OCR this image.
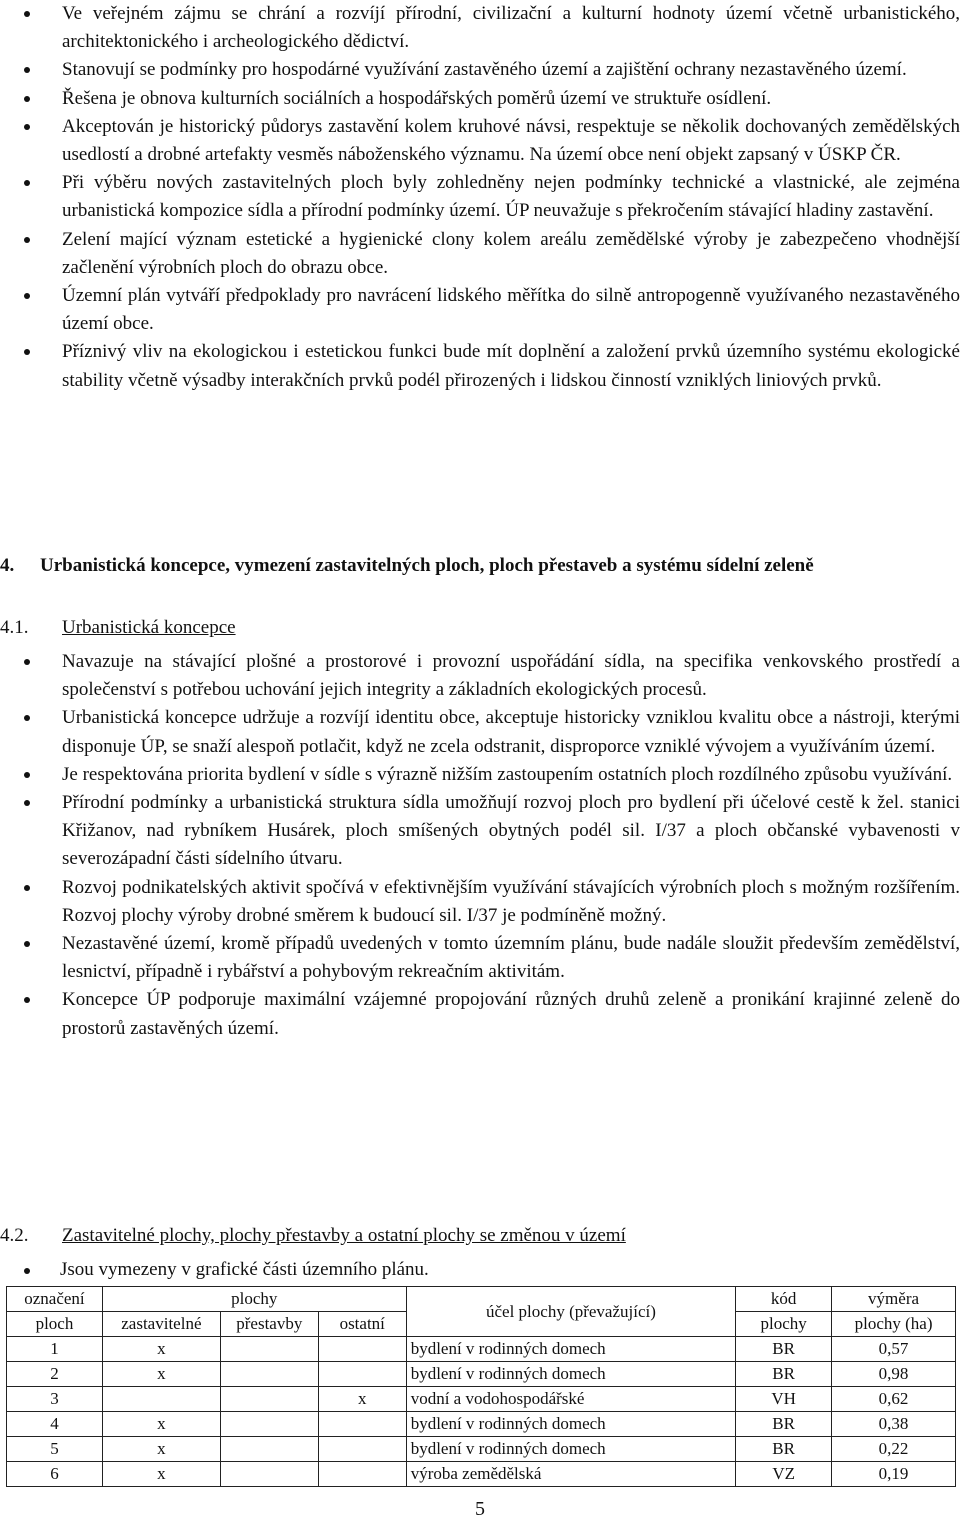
Ve veřejném zájmu se chrání a rozvíjí přírodní, civilizační a kulturní hodnoty území včetně urbanistického, architektonického i archeologického dědictví.
Stanovují se podmínky pro hospodárné využívání zastavěného území a zajištění ochrany nezastavěného území.
Řešena je obnova kulturních sociálních a hospodářských poměrů území ve struktuře osídlení.
Akceptován je historický půdorys zastavění kolem kruhové návsi, respektuje se několik dochovaných zemědělských usedlostí a drobné artefakty vesměs náboženského významu. Na území obce není objekt zapsaný v ÚSKP ČR.
Při výběru nových zastavitelných ploch byly zohledněny nejen podmínky technické a vlastnické, ale zejména urbanistická kompozice sídla a přírodní podmínky území. ÚP neuvažuje s překročením stávající hladiny zastavění.
Zelení mající význam estetické a hygienické clony kolem areálu zemědělské výroby je zabezpečeno vhodnější začlenění výrobních ploch do obrazu obce.
Územní plán vytváří předpoklady pro navrácení lidského měřítka do silně antropogenně využívaného nezastavěného území obce.
Příznivý vliv na ekologickou i estetickou funkci bude mít doplnění a založení prvků územního systému ekologické stability včetně výsadby interakčních prvků podél přirozených i lidskou činností vzniklých liniových prvků.
4. Urbanistická koncepce, vymezení zastavitelných ploch, ploch přestaveb a systému sídelní zeleně
4.1. Urbanistická koncepce
Navazuje na stávající plošné a prostorové i provozní uspořádání sídla, na specifika venkovského prostředí a společenství s potřebou uchování jejich integrity a základních ekologických procesů.
Urbanistická koncepce udržuje a rozvíjí identitu obce, akceptuje historicky vzniklou kvalitu obce a nástroji, kterými disponuje ÚP, se snaží alespoň potlačit, když ne zcela odstranit, disproporce vzniklé vývojem a využíváním území.
Je respektována priorita bydlení v sídle s výrazně nižším zastoupením ostatních ploch rozdílného způsobu využívání.
Přírodní podmínky a urbanistická struktura sídla umožňují rozvoj ploch pro bydlení při účelové cestě k žel. stanici Křižanov, nad rybníkem Husárek, ploch smíšených obytných podél sil. I/37 a ploch občanské vybavenosti v severozápadní části sídelního útvaru.
Rozvoj podnikatelských aktivit spočívá v efektivnějším využívání stávajících výrobních ploch s možným rozšířením. Rozvoj plochy výroby drobné směrem k budoucí sil. I/37 je podmíněně možný.
Nezastavěné území, kromě případů uvedených v tomto územním plánu, bude nadále sloužit především zemědělství, lesnictví, případně i rybářství a pohybovým rekreačním aktivitám.
Koncepce ÚP podporuje maximální vzájemné propojování různých druhů zeleně a pronikání krajinné zeleně do prostorů zastavěných území.
4.2. Zastavitelné plochy, plochy přestavby a ostatní plochy se změnou v území
Jsou vymezeny v grafické části územního plánu.
označení	plochy			účel plochy (převažující)	kód	výměra
ploch	zastavitelné	přestavby	ostatní		plochy	plochy (ha)
1	x			bydlení v rodinných domech	BR	0,57
2	x			bydlení v rodinných domech	BR	0,98
3			x	vodní a vodohospodářské	VH	0,62
4	x			bydlení v rodinných domech	BR	0,38
5	x			bydlení v rodinných domech	BR	0,22
6	x			výroba zemědělská	VZ	0,19
5
